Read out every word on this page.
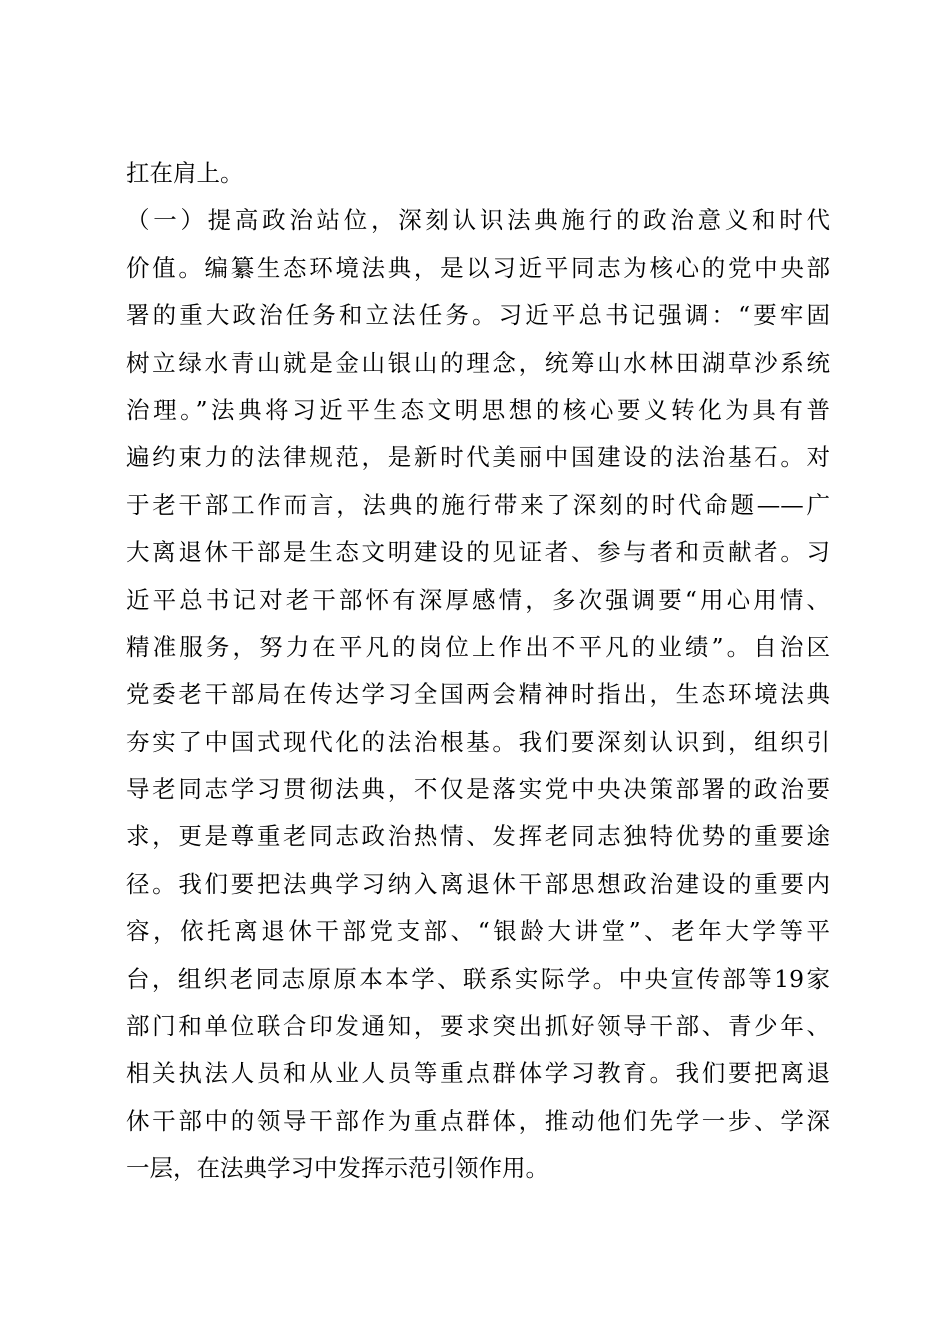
扛在肩上。
（一）提高政治站位，深刻认识法典施行的政治意义和时代
价值。编纂生态环境法典，是以习近平同志为核心的党中央部
署的重大政治任务和立法任务。习近平总书记强调：“要牢固
树立绿水青山就是金山银山的理念，统筹山水林田湖草沙系统
治理。”法典将习近平生态文明思想的核心要义转化为具有普
遍约束力的法律规范，是新时代美丽中国建设的法治基石。对
于老干部工作而言，法典的施行带来了深刻的时代命题——广
大离退休干部是生态文明建设的见证者、参与者和贡献者。习
近平总书记对老干部怀有深厚感情，多次强调要“用心用情、
精准服务，努力在平凡的岗位上作出不平凡的业绩”。自治区
党委老干部局在传达学习全国两会精神时指出，生态环境法典
夯实了中国式现代化的法治根基。我们要深刻认识到，组织引
导老同志学习贯彻法典，不仅是落实党中央决策部署的政治要
求，更是尊重老同志政治热情、发挥老同志独特优势的重要途
径。我们要把法典学习纳入离退休干部思想政治建设的重要内
容，依托离退休干部党支部、“银龄大讲堂”、老年大学等平
台，组织老同志原原本本学、联系实际学。中央宣传部等19家
部门和单位联合印发通知，要求突出抓好领导干部、青少年、
相关执法人员和从业人员等重点群体学习教育。我们要把离退
休干部中的领导干部作为重点群体，推动他们先学一步、学深
一层，在法典学习中发挥示范引领作用。
